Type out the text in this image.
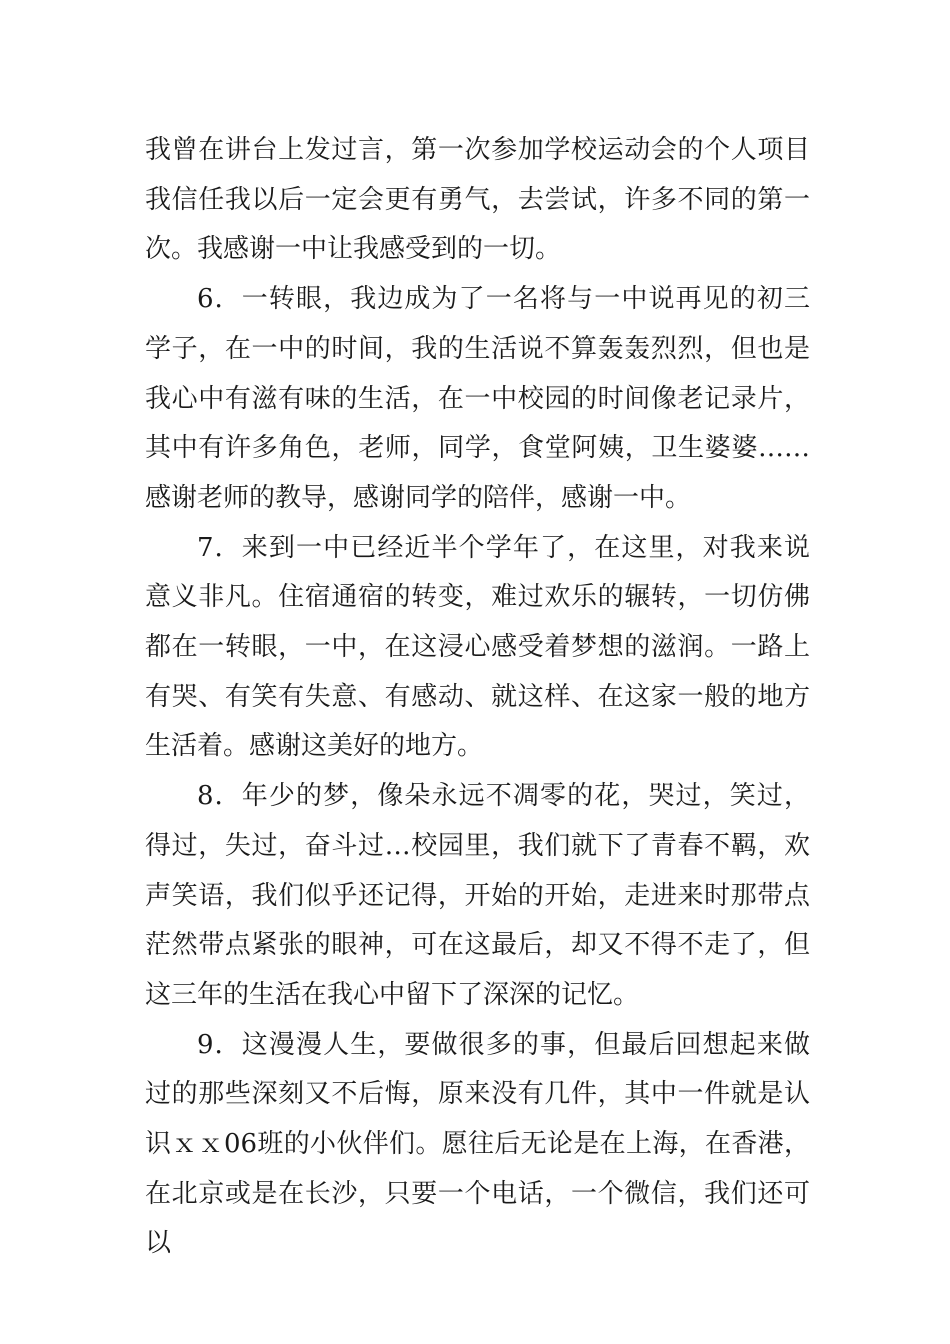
我曾在讲台上发过言，第一次参加学校运动会的个人项目我信任我以后一定会更有勇气，去尝试，许多不同的第一次。我感谢一中让我感受到的一切。

6．一转眼，我边成为了一名将与一中说再见的初三学子，在一中的时间，我的生活说不算轰轰烈烈，但也是我心中有滋有味的生活，在一中校园的时间像老记录片，其中有许多角色，老师，同学，食堂阿姨，卫生婆婆……感谢老师的教导，感谢同学的陪伴，感谢一中。

7．来到一中已经近半个学年了，在这里，对我来说意义非凡。住宿通宿的转变，难过欢乐的辗转，一切仿佛都在一转眼，一中，在这浸心感受着梦想的滋润。一路上有哭、有笑有失意、有感动、就这样、在这家一般的地方生活着。感谢这美好的地方。

8．年少的梦，像朵永远不凋零的花，哭过，笑过，得过，失过，奋斗过…校园里，我们就下了青春不羁，欢声笑语，我们似乎还记得，开始的开始，走进来时那带点茫然带点紧张的眼神，可在这最后，却又不得不走了，但这三年的生活在我心中留下了深深的记忆。

9．这漫漫人生，要做很多的事，但最后回想起来做过的那些深刻又不后悔，原来没有几件，其中一件就是认识ｘｘ06班的小伙伴们。愿往后无论是在上海，在香港，在北京或是在长沙，只要一个电话，一个微信，我们还可以
